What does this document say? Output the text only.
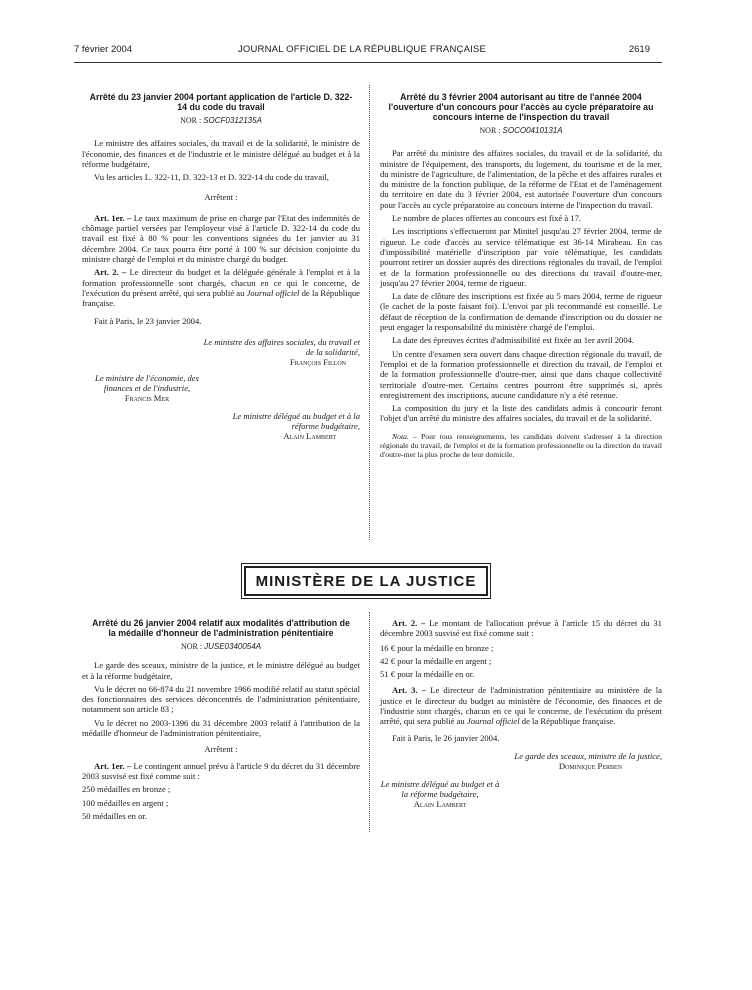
7 février 2004	JOURNAL OFFICIEL DE LA RÉPUBLIQUE FRANÇAISE	2619
Arrêté du 23 janvier 2004 portant application de l'article D. 322-14 du code du travail
NOR : SOCF0312135A

Le ministre des affaires sociales, du travail et de la solidarité, le ministre de l'économie, des finances et de l'industrie et le ministre délégué au budget et à la réforme budgétaire,

Vu les articles L. 322-11, D. 322-13 et D. 322-14 du code du travail,

Arrêtent :

Art. 1er. – Le taux maximum de prise en charge par l'Etat des indemnités de chômage partiel versées par l'employeur visé à l'article D. 322-14 du code du travail est fixé à 80 % pour les conventions signées du 1er janvier au 31 décembre 2004. Ce taux pourra être porté à 100 % sur décision conjointe du ministre chargé de l'emploi et du ministre chargé du budget.

Art. 2. – Le directeur du budget et la déléguée générale à l'emploi et à la formation professionnelle sont chargés, chacun en ce qui le concerne, de l'exécution du présent arrêté, qui sera publié au Journal officiel de la République française.

Fait à Paris, le 23 janvier 2004.

Le ministre des affaires sociales, du travail et de la solidarité,
François Fillon
Le ministre de l'économie, des finances et de l'industrie,
Francis Mer
Le ministre délégué au budget et à la réforme budgétaire,
Alain Lambert
Arrêté du 3 février 2004 autorisant au titre de l'année 2004 l'ouverture d'un concours pour l'accès au cycle préparatoire au concours interne de l'inspection du travail
NOR : SOCO0410131A

Par arrêté du ministre des affaires sociales, du travail et de la solidarité, du ministre de l'équipement, des transports, du logement, du tourisme et de la mer, du ministre de l'agriculture, de l'alimentation, de la pêche et des affaires rurales et du ministre de la fonction publique, de la réforme de l'Etat et de l'aménagement du territoire en date du 3 février 2004, est autorisée l'ouverture d'un concours pour l'accès au cycle préparatoire au concours interne de l'inspection du travail.

Le nombre de places offertes au concours est fixé à 17.

Les inscriptions s'effectueront par Minitel jusqu'au 27 février 2004, terme de rigueur. Le code d'accès au service télématique est 36-14 Mirabeau. En cas d'impossibilité matérielle d'inscription par voie télématique, les candidats pourront retirer un dossier auprès des directions régionales du travail, de l'emploi et de la formation professionnelle ou des directions du travail d'outre-mer, jusqu'au 27 février 2004, terme de rigueur.

La date de clôture des inscriptions est fixée au 5 mars 2004, terme de rigueur (le cachet de la poste faisant foi). L'envoi par pli recommandé est conseillé. Le défaut de réception de la confirmation de demande d'inscription ou du dossier ne peut engager la responsabilité du ministère chargé de l'emploi.

La date des épreuves écrites d'admissibilité est fixée au 1er avril 2004.

Un centre d'examen sera ouvert dans chaque direction régionale du travail, de l'emploi et de la formation professionnelle et direction du travail, de l'emploi et de la formation professionnelle d'outre-mer, ainsi que dans chaque collectivité territoriale d'outre-mer. Certains centres pourront être supprimés si, après enregistrement des inscriptions, aucune candidature n'y a été retenue.

La composition du jury et la liste des candidats admis à concourir feront l'objet d'un arrêté du ministre des affaires sociales, du travail et de la solidarité.

Nota. – Pour tous renseignements, les candidats doivent s'adresser à la direction régionale du travail, de l'emploi et de la formation professionnelle ou la direction du travail d'outre-mer la plus proche de leur domicile.

MINISTÈRE DE LA JUSTICE
Arrêté du 26 janvier 2004 relatif aux modalités d'attribution de la médaille d'honneur de l'administration pénitentiaire
NOR : JUSE0340054A

Le garde des sceaux, ministre de la justice, et le ministre délégué au budget et à la réforme budgétaire,

Vu le décret no 66-874 du 21 novembre 1966 modifié relatif au statut spécial des fonctionnaires des services déconcentrés de l'administration pénitentiaire, notamment son article 83 ;

Vu le décret no 2003-1396 du 31 décembre 2003 relatif à l'attribution de la médaille d'honneur de l'administration pénitentiaire,

Arrêtent :

Art. 1er. – Le contingent annuel prévu à l'article 9 du décret du 31 décembre 2003 susvisé est fixé comme suit :

250 médailles en bronze ;

100 médailles en argent ;

50 médailles en or.

Art. 2. – Le montant de l'allocation prévue à l'article 15 du décret du 31 décembre 2003 susvisé est fixé comme suit :

16 € pour la médaille en bronze ;

42 € pour la médaille en argent ;

51 € pour la médaille en or.

Art. 3. – Le directeur de l'administration pénitentiaire au ministère de la justice et le directeur du budget au ministère de l'économie, des finances et de l'industrie sont chargés, chacun en ce qui le concerne, de l'exécution du présent arrêté, qui sera publié au Journal officiel de la République française.

Fait à Paris, le 26 janvier 2004.

Le garde des sceaux, ministre de la justice,
Dominique Perben
Le ministre délégué au budget et à la réforme budgétaire,
Alain Lambert
